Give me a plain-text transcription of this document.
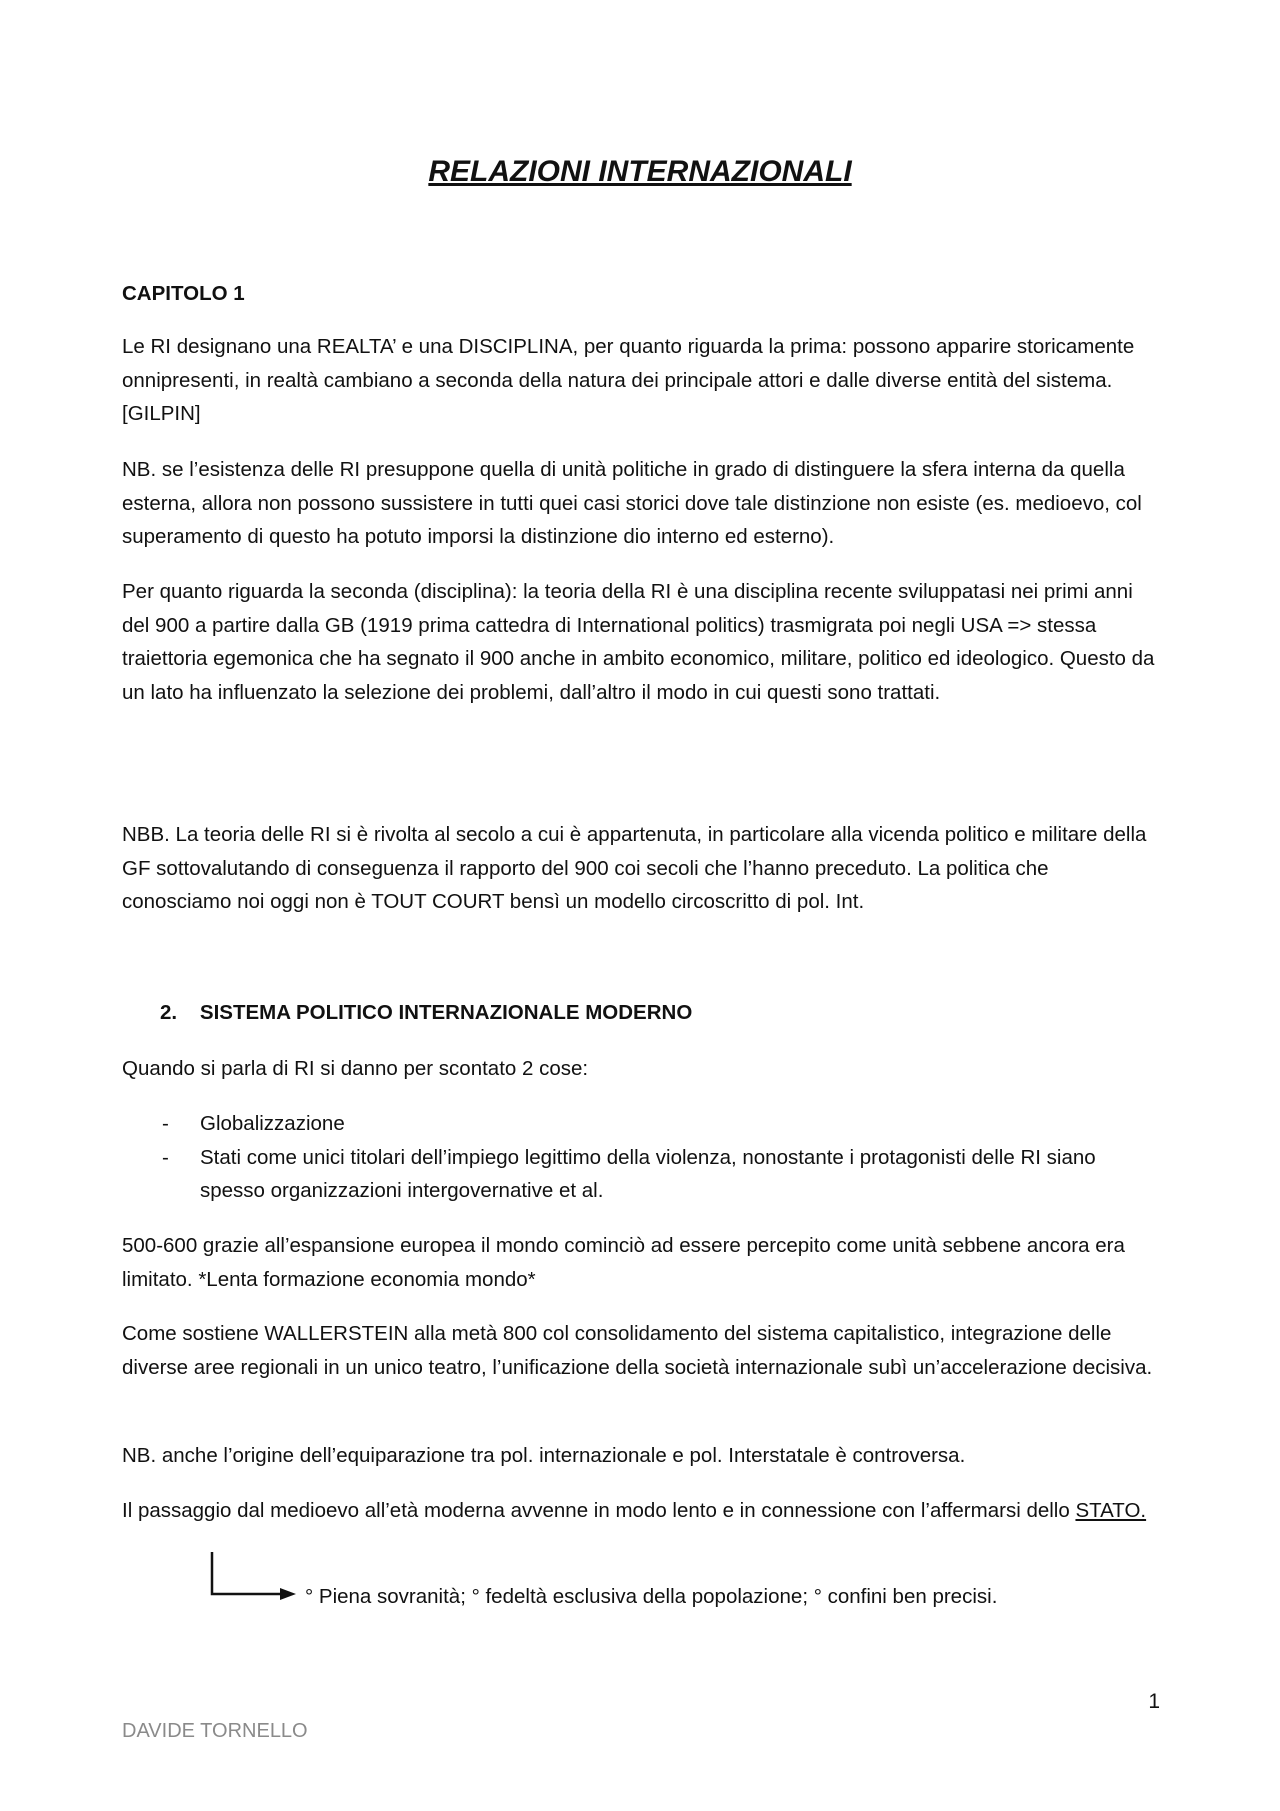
RELAZIONI INTERNAZIONALI

CAPITOLO 1

Le RI designano una REALTA’ e una DISCIPLINA, per quanto riguarda la prima: possono apparire storicamente onnipresenti, in realtà cambiano a seconda della natura dei principale attori e dalle diverse entità del sistema. [GILPIN]

NB. se l’esistenza delle RI presuppone quella di unità politiche in grado di distinguere la sfera interna da quella esterna, allora non possono sussistere in tutti quei casi storici dove tale distinzione non esiste (es. medioevo, col superamento di questo ha potuto imporsi la distinzione dio interno ed esterno).

Per quanto riguarda la seconda (disciplina): la teoria della RI è una disciplina recente sviluppatasi nei primi anni del 900 a partire dalla GB (1919 prima cattedra di International politics) trasmigrata poi negli USA => stessa traiettoria egemonica che ha segnato il 900 anche in ambito economico, militare, politico ed ideologico. Questo da un lato ha influenzato la selezione dei problemi, dall’altro il modo in cui questi sono trattati.

NBB. La teoria delle RI si è rivolta al secolo a cui è appartenuta, in particolare alla vicenda politico e militare della GF sottovalutando di conseguenza il rapporto del 900 coi secoli che l’hanno preceduto. La politica che conosciamo noi oggi non è TOUT COURT bensì un modello circoscritto di pol. Int.

2. SISTEMA POLITICO INTERNAZIONALE MODERNO

Quando si parla di RI si danno per scontato 2 cose:

- Globalizzazione
- Stati come unici titolari dell’impiego legittimo della violenza, nonostante i protagonisti delle RI siano spesso organizzazioni intergovernative et al.

500-600 grazie all’espansione europea il mondo cominciò ad essere percepito come unità sebbene ancora era limitato. *Lenta formazione economia mondo*

Come sostiene WALLERSTEIN alla metà 800 col consolidamento del sistema capitalistico, integrazione delle diverse aree regionali in un unico teatro, l’unificazione della società internazionale subì un’accelerazione decisiva.

NB. anche l’origine dell’equiparazione tra pol. internazionale e pol. Interstatale è controversa.

Il passaggio dal medioevo all’età moderna avvenne in modo lento e in connessione con l’affermarsi dello STATO.

° Piena sovranità; ° fedeltà esclusiva della popolazione; ° confini ben precisi.
1
DAVIDE TORNELLO
